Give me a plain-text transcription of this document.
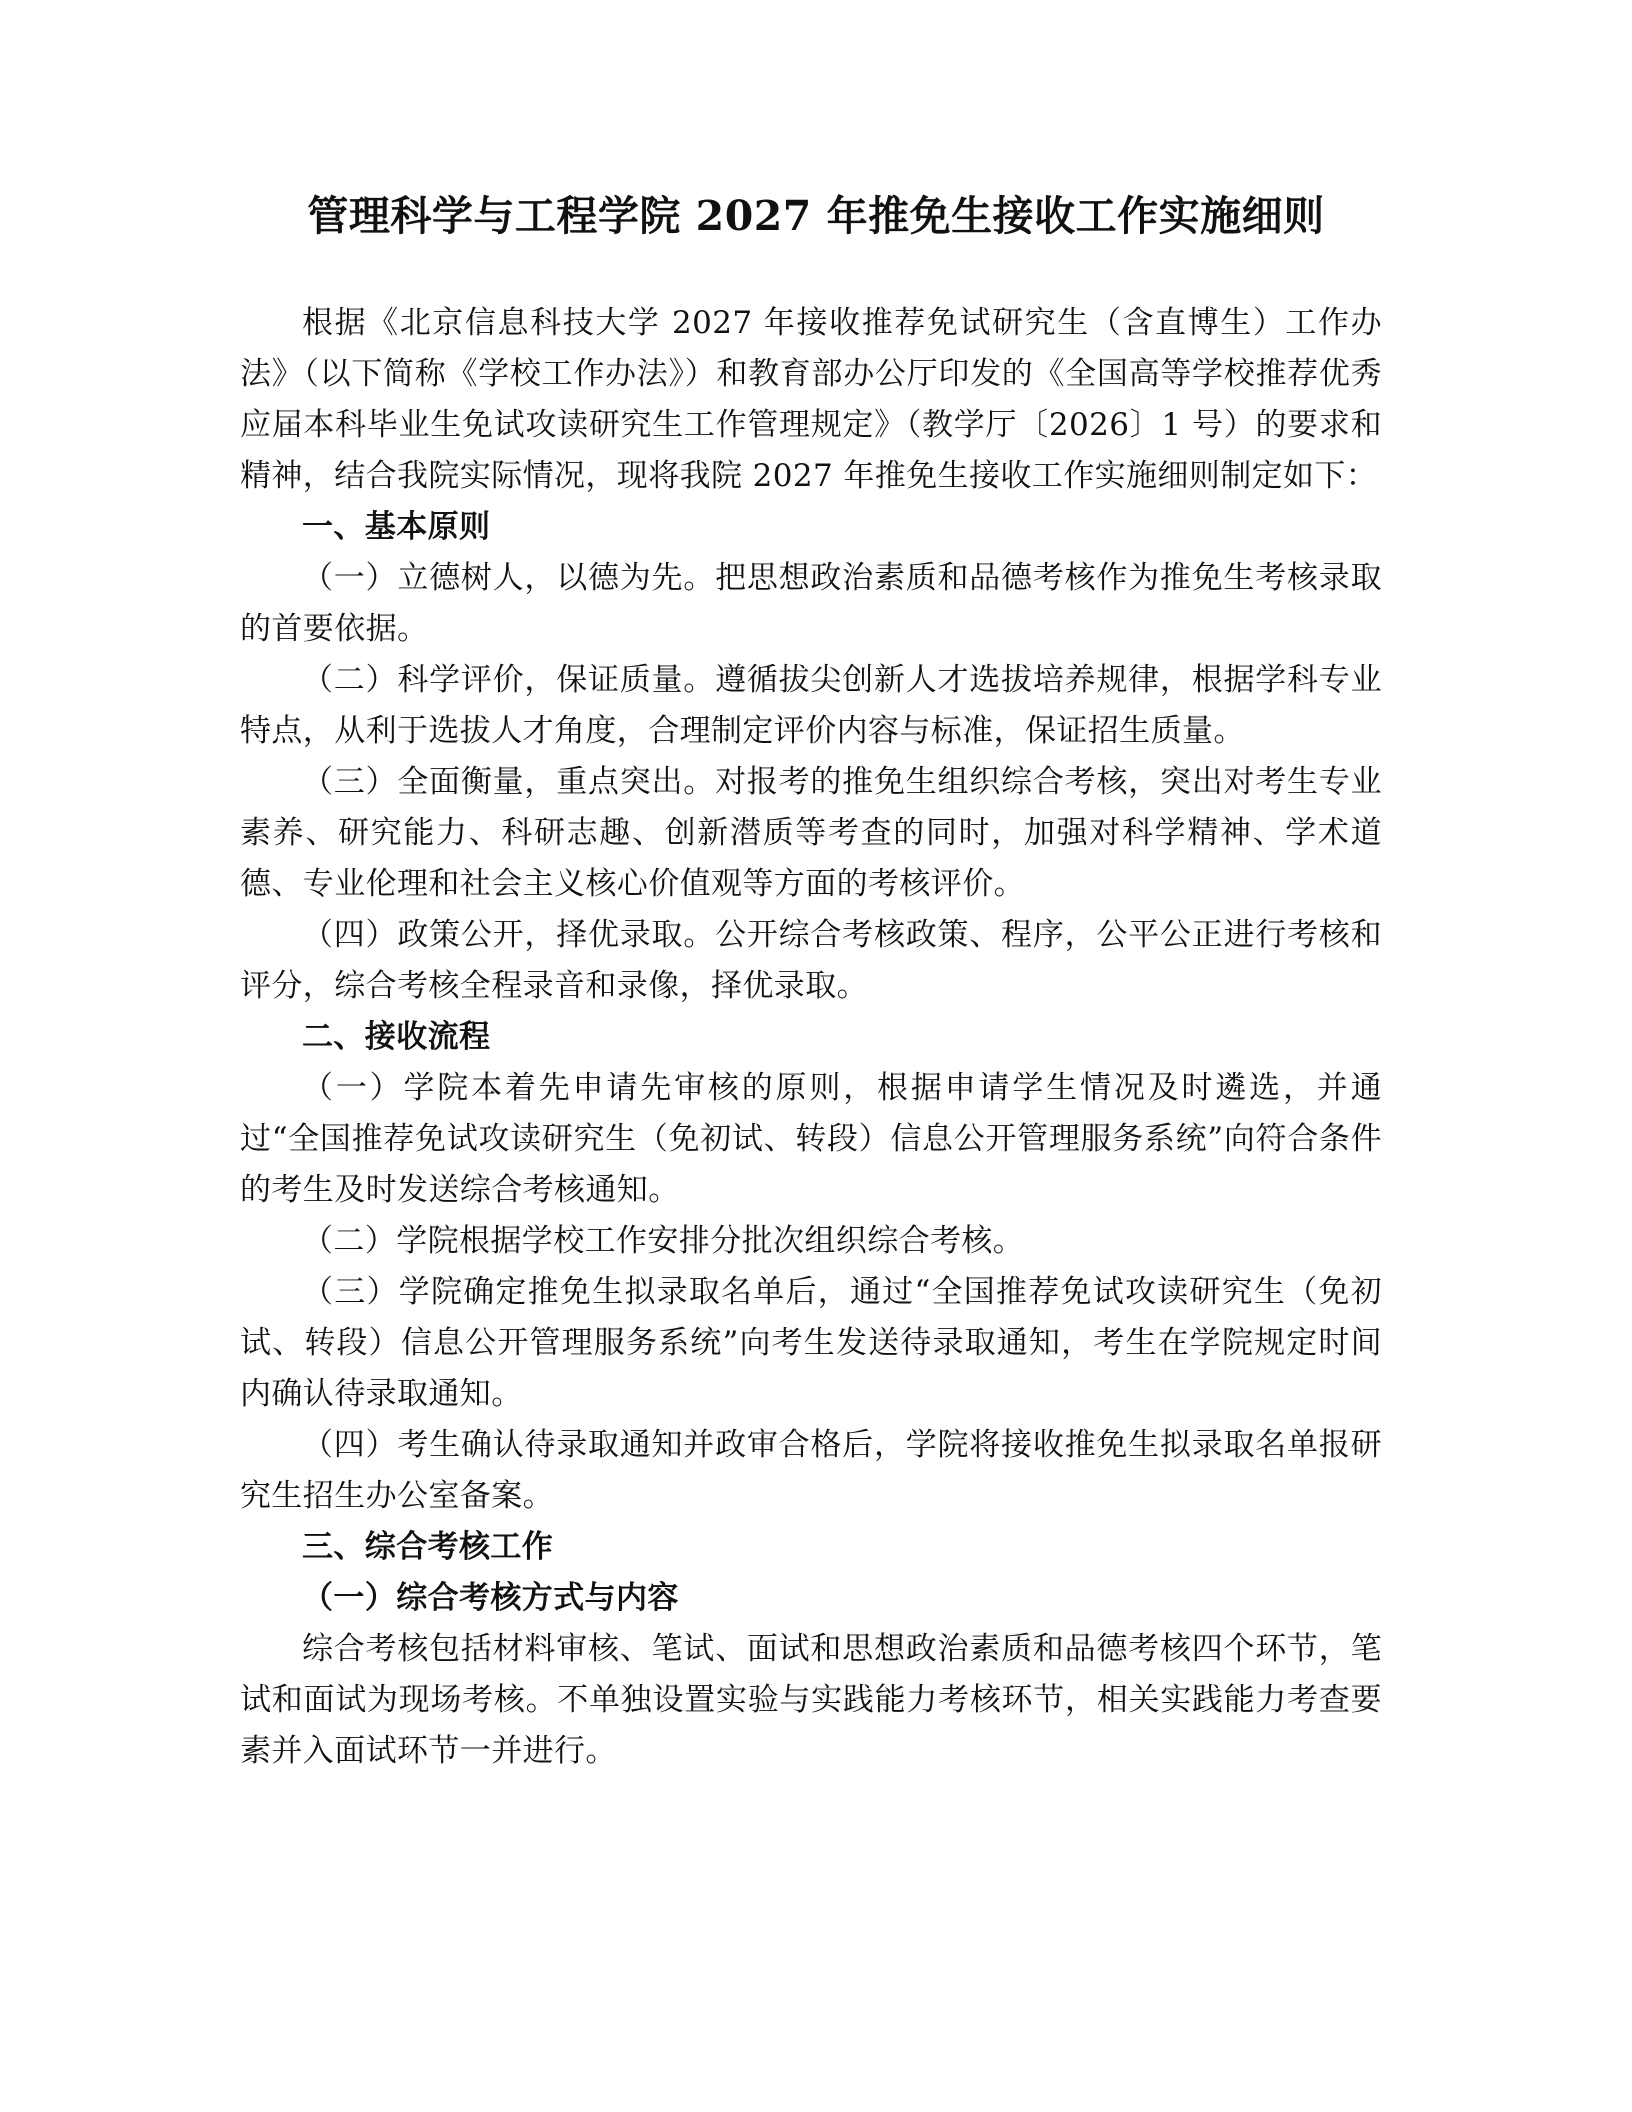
管理科学与工程学院 2027 年推免生接收工作实施细则

根据《北京信息科技大学 2027 年接收推荐免试研究生（含直博生）工作办法》（以下简称《学校工作办法》）和教育部办公厅印发的《全国高等学校推荐优秀应届本科毕业生免试攻读研究生工作管理规定》（教学厅〔2026〕1 号）的要求和精神，结合我院实际情况，现将我院 2027 年推免生接收工作实施细则制定如下：

一、基本原则

（一）立德树人，以德为先。把思想政治素质和品德考核作为推免生考核录取的首要依据。

（二）科学评价，保证质量。遵循拔尖创新人才选拔培养规律，根据学科专业特点，从利于选拔人才角度，合理制定评价内容与标准，保证招生质量。

（三）全面衡量，重点突出。对报考的推免生组织综合考核，突出对考生专业素养、研究能力、科研志趣、创新潜质等考查的同时，加强对科学精神、学术道德、专业伦理和社会主义核心价值观等方面的考核评价。

（四）政策公开，择优录取。公开综合考核政策、程序，公平公正进行考核和评分，综合考核全程录音和录像，择优录取。

二、接收流程

（一）学院本着先申请先审核的原则，根据申请学生情况及时遴选，并通过“全国推荐免试攻读研究生（免初试、转段）信息公开管理服务系统”向符合条件的考生及时发送综合考核通知。

（二）学院根据学校工作安排分批次组织综合考核。

（三）学院确定推免生拟录取名单后，通过“全国推荐免试攻读研究生（免初试、转段）信息公开管理服务系统”向考生发送待录取通知，考生在学院规定时间内确认待录取通知。

（四）考生确认待录取通知并政审合格后，学院将接收推免生拟录取名单报研究生招生办公室备案。

三、综合考核工作

（一）综合考核方式与内容

综合考核包括材料审核、笔试、面试和思想政治素质和品德考核四个环节，笔试和面试为现场考核。不单独设置实验与实践能力考核环节，相关实践能力考查要素并入面试环节一并进行。
